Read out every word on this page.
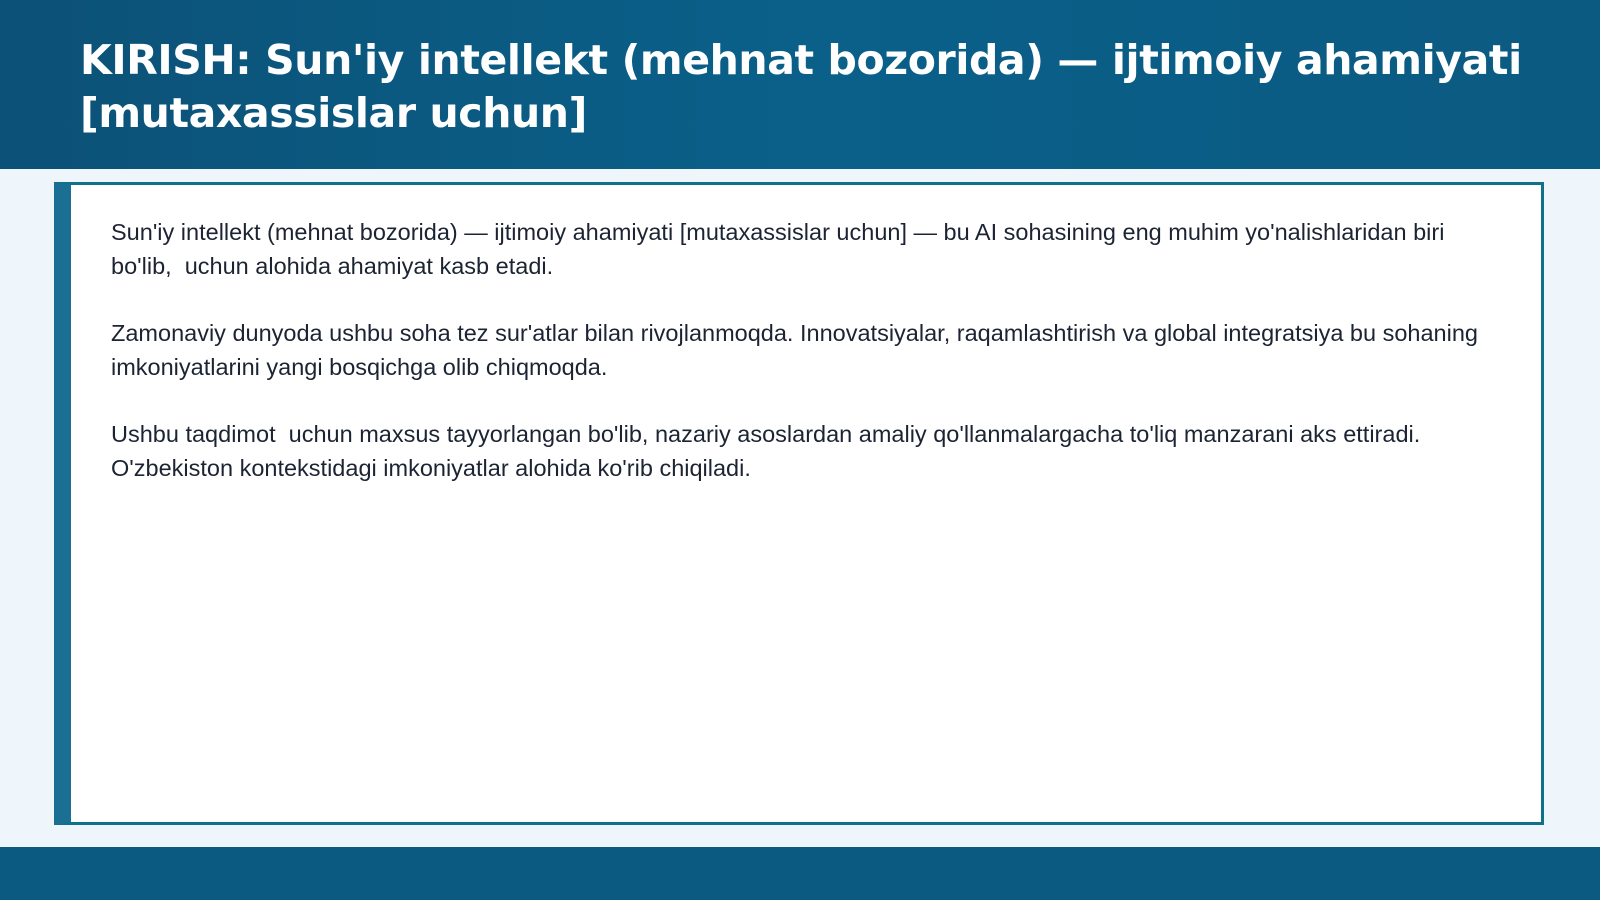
KIRISH: Sun'iy intellekt (mehnat bozorida) — ijtimoiy ahamiyati [mutaxassislar uchun]

Sun'iy intellekt (mehnat bozorida) — ijtimoiy ahamiyati [mutaxassislar uchun] — bu AI sohasining eng muhim yo'nalishlaridan biri bo'lib,  uchun alohida ahamiyat kasb etadi.

Zamonaviy dunyoda ushbu soha tez sur'atlar bilan rivojlanmoqda. Innovatsiyalar, raqamlashtirish va global integratsiya bu sohaning imkoniyatlarini yangi bosqichga olib chiqmoqda.

Ushbu taqdimot  uchun maxsus tayyorlangan bo'lib, nazariy asoslardan amaliy qo'llanmalargacha to'liq manzarani aks ettiradi. O'zbekiston kontekstidagi imkoniyatlar alohida ko'rib chiqiladi.
